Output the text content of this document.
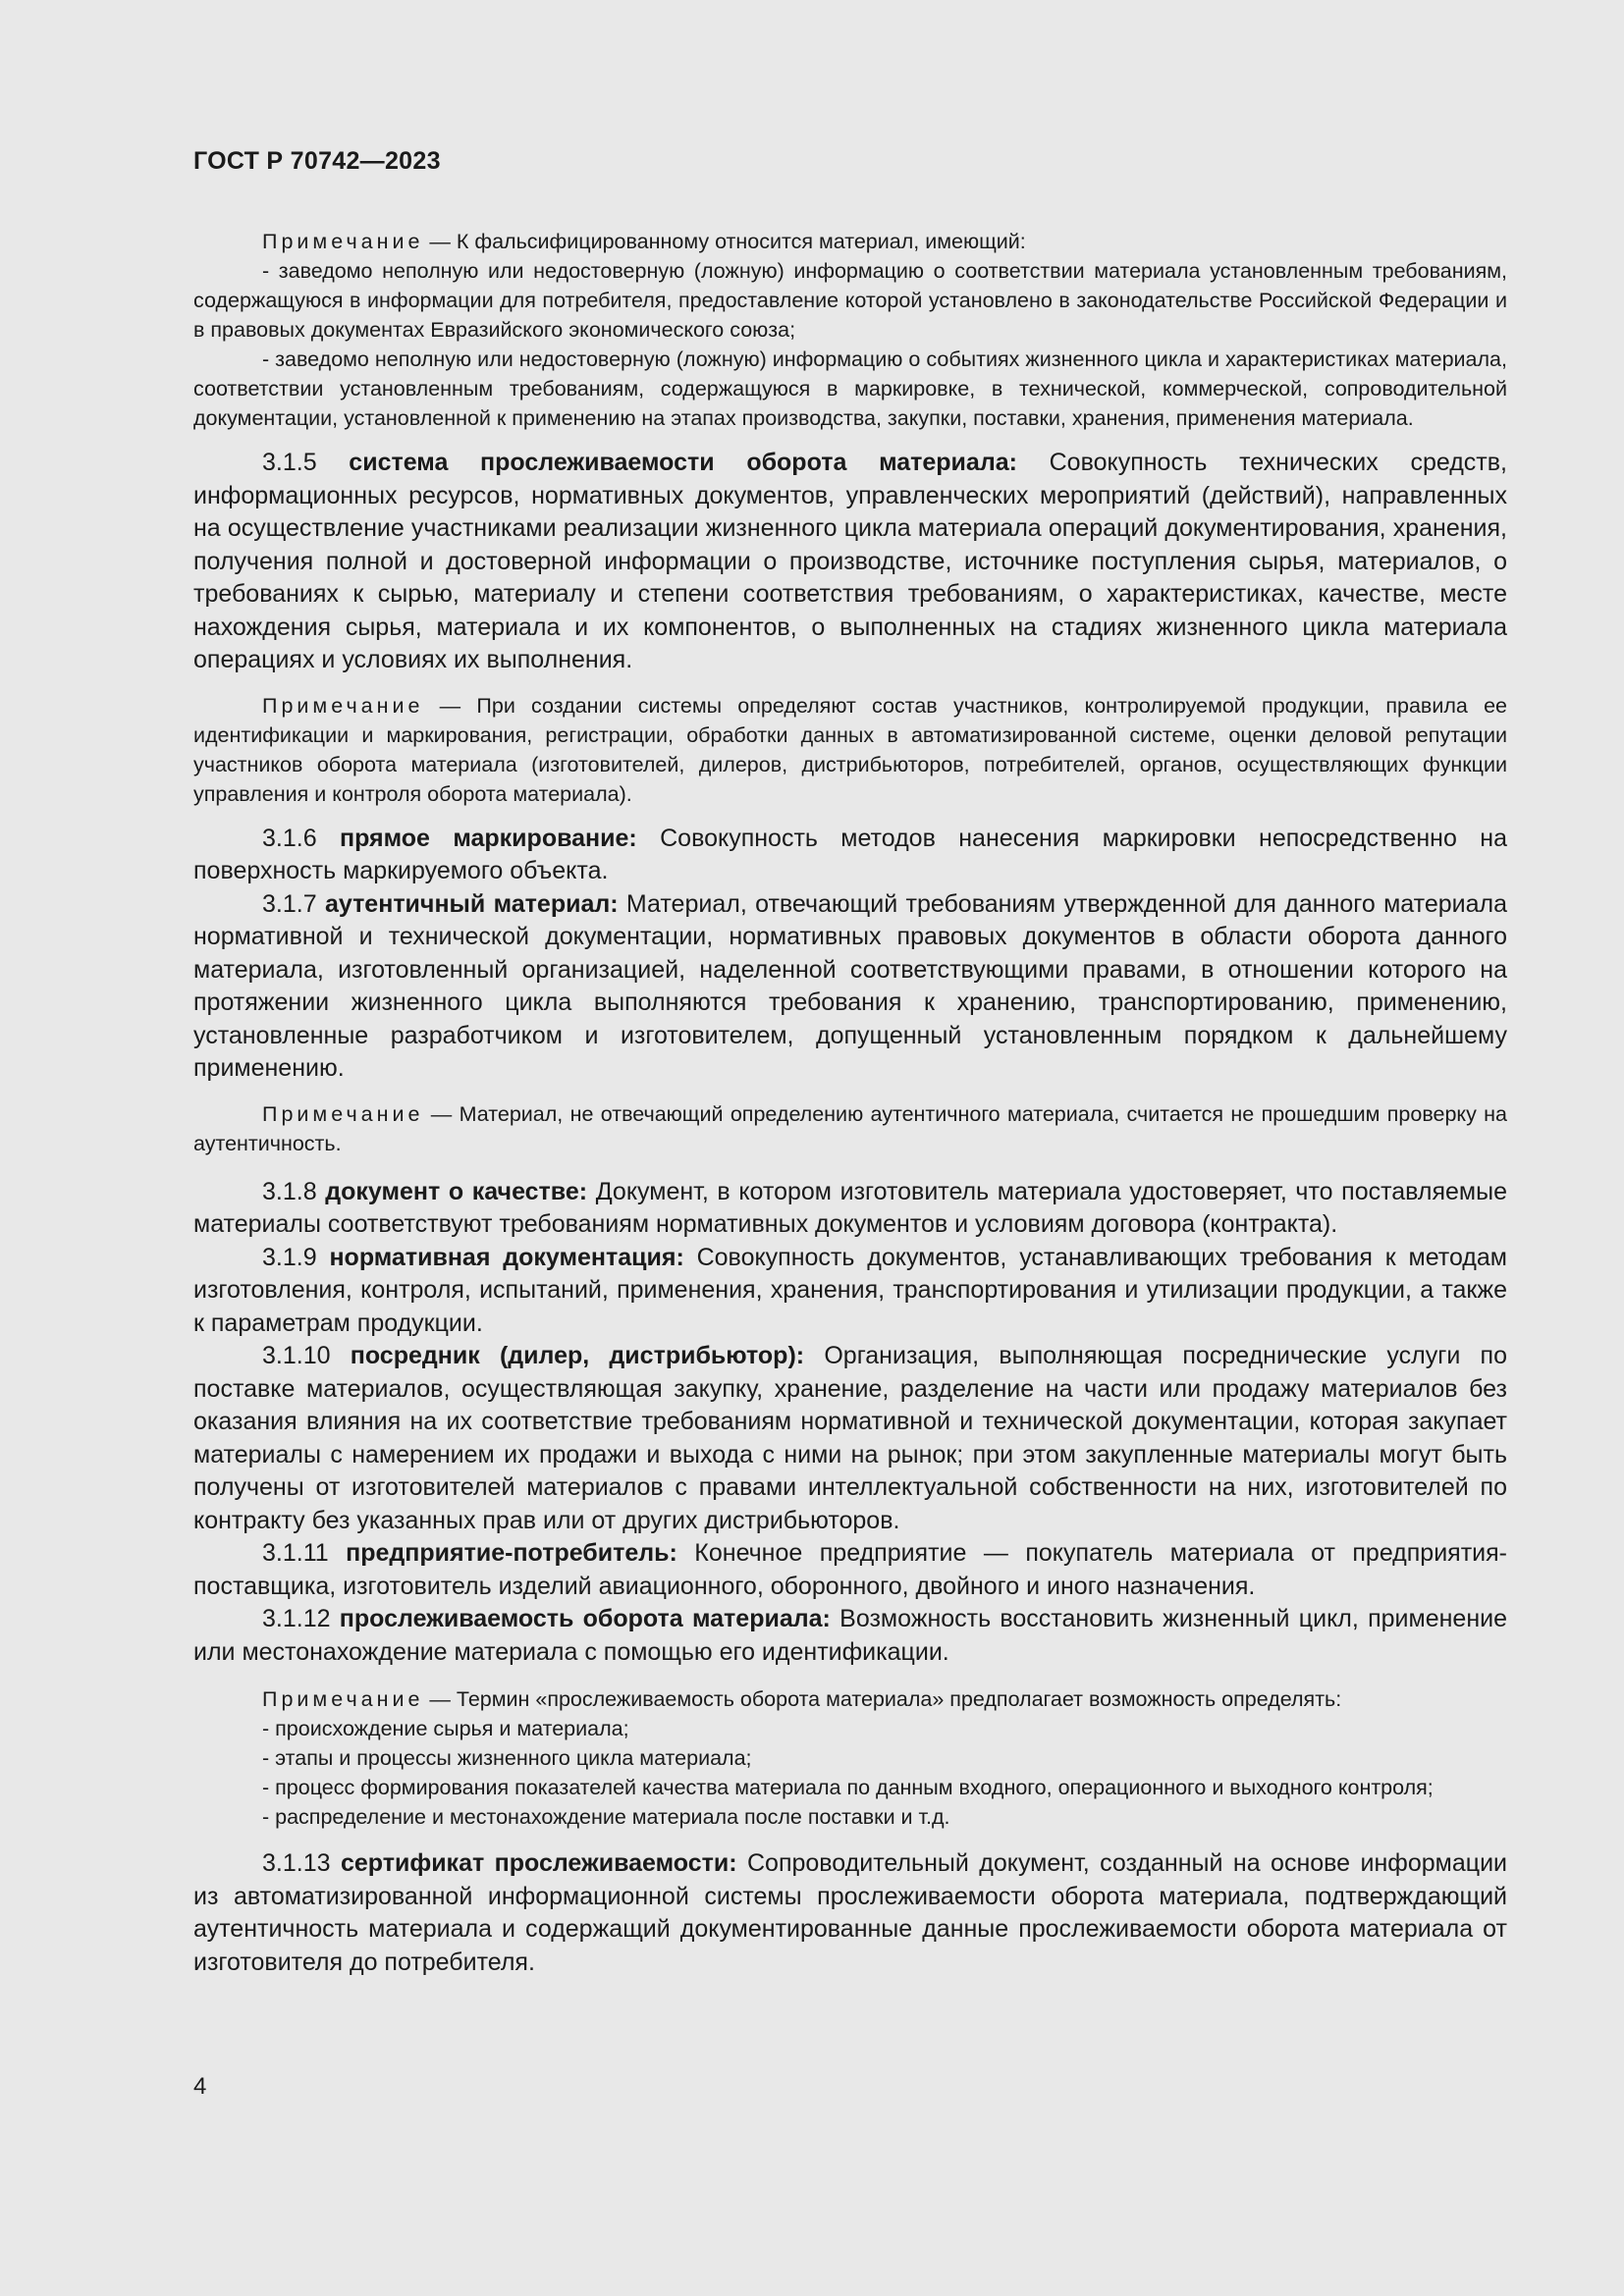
ГОСТ Р 70742—2023

Примечание — К фальсифицированному относится материал, имеющий:

- заведомо неполную или недостоверную (ложную) информацию о соответствии материала установленным требованиям, содержащуюся в информации для потребителя, предоставление которой установлено в законодательстве Российской Федерации и в правовых документах Евразийского экономического союза;

- заведомо неполную или недостоверную (ложную) информацию о событиях жизненного цикла и характеристиках материала, соответствии установленным требованиям, содержащуюся в маркировке, в технической, коммерческой, сопроводительной документации, установленной к применению на этапах производства, закупки, поставки, хранения, применения материала.

3.1.5 система прослеживаемости оборота материала: Совокупность технических средств, информационных ресурсов, нормативных документов, управленческих мероприятий (действий), направленных на осуществление участниками реализации жизненного цикла материала операций документирования, хранения, получения полной и достоверной информации о производстве, источнике поступления сырья, материалов, о требованиях к сырью, материалу и степени соответствия требованиям, о характеристиках, качестве, месте нахождения сырья, материала и их компонентов, о выполненных на стадиях жизненного цикла материала операциях и условиях их выполнения.

Примечание — При создании системы определяют состав участников, контролируемой продукции, правила ее идентификации и маркирования, регистрации, обработки данных в автоматизированной системе, оценки деловой репутации участников оборота материала (изготовителей, дилеров, дистрибьюторов, потребителей, органов, осуществляющих функции управления и контроля оборота материала).

3.1.6 прямое маркирование: Совокупность методов нанесения маркировки непосредственно на поверхность маркируемого объекта.

3.1.7 аутентичный материал: Материал, отвечающий требованиям утвержденной для данного материала нормативной и технической документации, нормативных правовых документов в области оборота данного материала, изготовленный организацией, наделенной соответствующими правами, в отношении которого на протяжении жизненного цикла выполняются требования к хранению, транспортированию, применению, установленные разработчиком и изготовителем, допущенный установленным порядком к дальнейшему применению.

Примечание — Материал, не отвечающий определению аутентичного материала, считается не прошедшим проверку на аутентичность.

3.1.8 документ о качестве: Документ, в котором изготовитель материала удостоверяет, что поставляемые материалы соответствуют требованиям нормативных документов и условиям договора (контракта).

3.1.9 нормативная документация: Совокупность документов, устанавливающих требования к методам изготовления, контроля, испытаний, применения, хранения, транспортирования и утилизации продукции, а также к параметрам продукции.

3.1.10 посредник (дилер, дистрибьютор): Организация, выполняющая посреднические услуги по поставке материалов, осуществляющая закупку, хранение, разделение на части или продажу материалов без оказания влияния на их соответствие требованиям нормативной и технической документации, которая закупает материалы с намерением их продажи и выхода с ними на рынок; при этом закупленные материалы могут быть получены от изготовителей материалов с правами интеллектуальной собственности на них, изготовителей по контракту без указанных прав или от других дистрибьюторов.

3.1.11 предприятие-потребитель: Конечное предприятие — покупатель материала от предприятия-поставщика, изготовитель изделий авиационного, оборонного, двойного и иного назначения.

3.1.12 прослеживаемость оборота материала: Возможность восстановить жизненный цикл, применение или местонахождение материала с помощью его идентификации.

Примечание — Термин «прослеживаемость оборота материала» предполагает возможность определять:

- происхождение сырья и материала;

- этапы и процессы жизненного цикла материала;

- процесс формирования показателей качества материала по данным входного, операционного и выходного контроля;

- распределение и местонахождение материала после поставки и т.д.

3.1.13 сертификат прослеживаемости: Сопроводительный документ, созданный на основе информации из автоматизированной информационной системы прослеживаемости оборота материала, подтверждающий аутентичность материала и содержащий документированные данные прослеживаемости оборота материала от изготовителя до потребителя.

4
